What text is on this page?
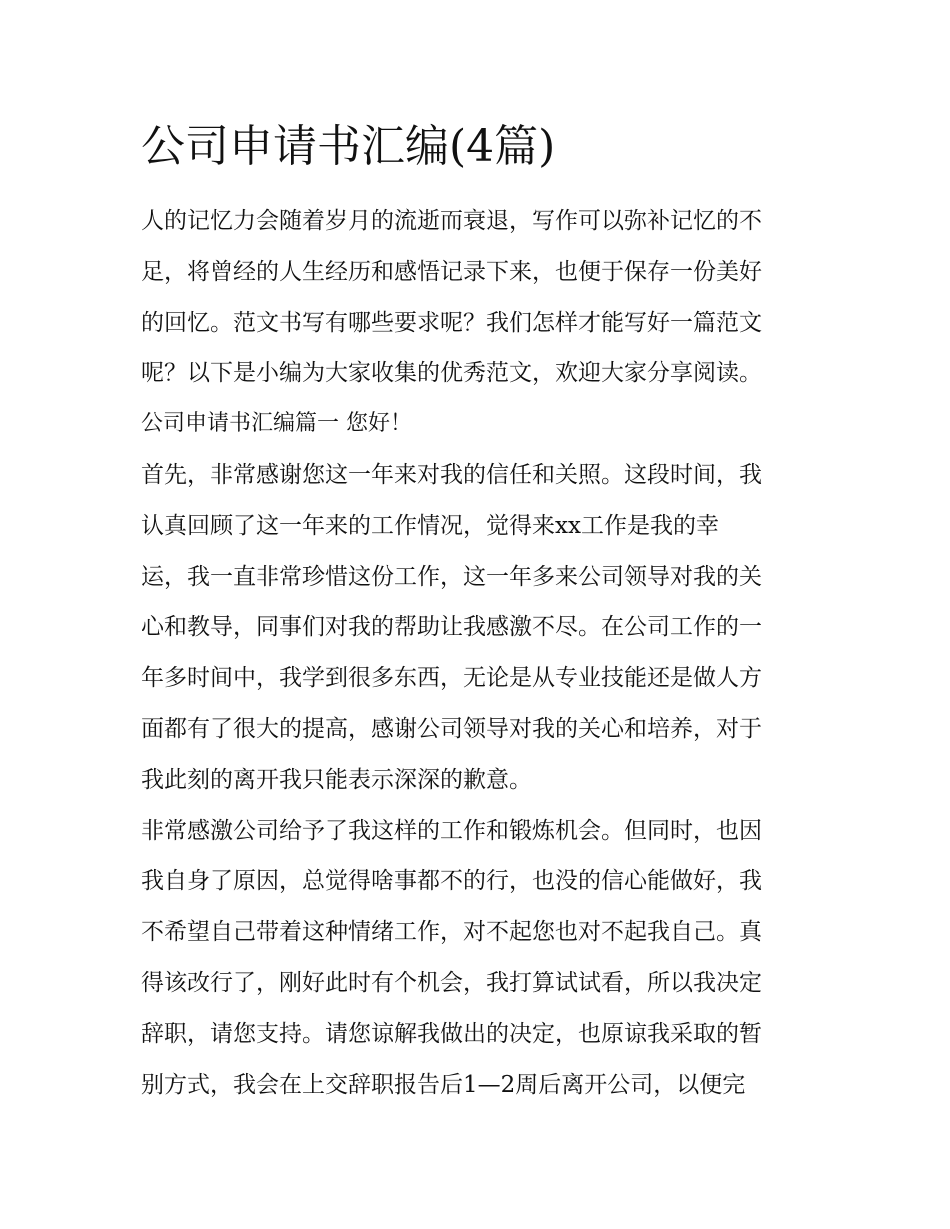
公司申请书汇编(4篇)
人的记忆力会随着岁月的流逝而衰退，写作可以弥补记忆的不
足，将曾经的人生经历和感悟记录下来，也便于保存一份美好
的回忆。范文书写有哪些要求呢？我们怎样才能写好一篇范文
呢？以下是小编为大家收集的优秀范文，欢迎大家分享阅读。
公司申请书汇编篇一 您好！
首先，非常感谢您这一年来对我的信任和关照。这段时间，我
认真回顾了这一年来的工作情况，觉得来xx工作是我的幸
运，我一直非常珍惜这份工作，这一年多来公司领导对我的关
心和教导，同事们对我的帮助让我感激不尽。在公司工作的一
年多时间中，我学到很多东西，无论是从专业技能还是做人方
面都有了很大的提高，感谢公司领导对我的关心和培养，对于
我此刻的离开我只能表示深深的歉意。
非常感激公司给予了我这样的工作和锻炼机会。但同时，也因
我自身了原因，总觉得啥事都不的行，也没的信心能做好，我
不希望自己带着这种情绪工作，对不起您也对不起我自己。真
得该改行了，刚好此时有个机会，我打算试试看，所以我决定
辞职，请您支持。请您谅解我做出的决定，也原谅我采取的暂
别方式，我会在上交辞职报告后1—2周后离开公司，以便完
